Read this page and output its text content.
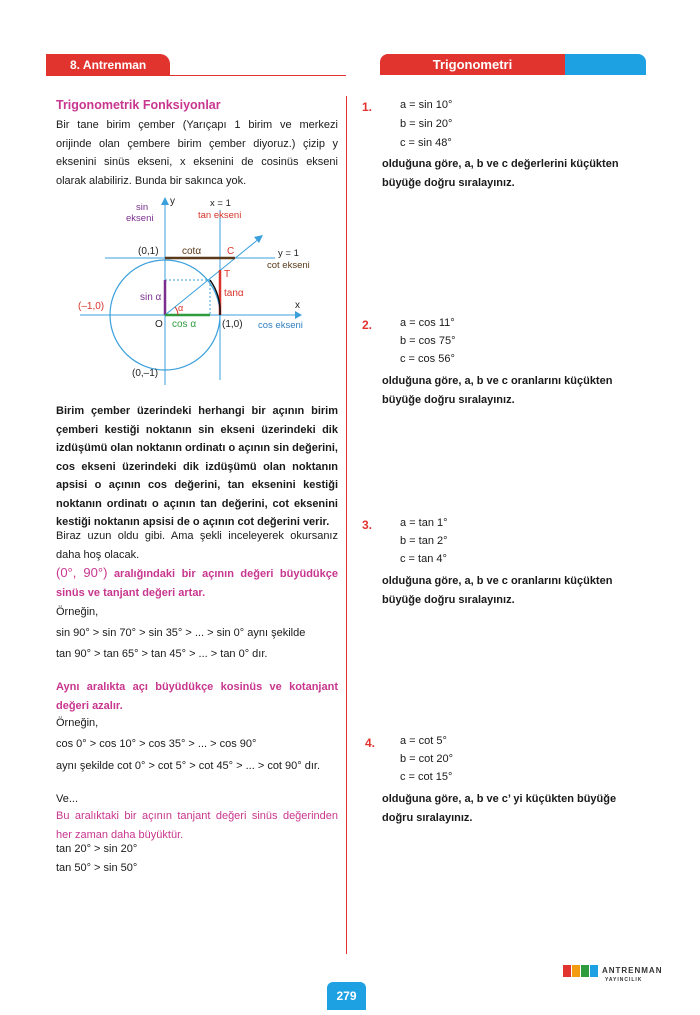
8. Antrenman	Trigonometri
Trigonometrik Fonksiyonlar
Bir tane birim çember (Yarıçapı 1 birim ve merkezi orijinde olan çembere birim çember diyoruz.) çizip y eksenini sinüs ekseni, x eksenini de cosinüs ekseni olarak alabiliriz. Bunda bir sakınca yok.
y
x
sin
ekseni
x = 1
tan ekseni
y = 1
cot ekseni
(0,1) cotα	C
T
tanα
(–1,0)
sin α
α
O cos α	(1,0) cos ekseni
(0,–1)
Birim çember üzerindeki herhangi bir açının birim çemberi kestiği noktanın sin ekseni üzerindeki dik izdüşümü olan noktanın ordinatı o açının sin değerini, cos ekseni üzerindeki dik izdüşümü olan noktanın apsisi o açının cos değerini, tan eksenini kestiği noktanın ordinatı o açının tan değerini, cot eksenini kestiği noktanın apsisi de o açının cot değerini verir.
Biraz uzun oldu gibi. Ama şekli inceleyerek okursanız daha hoş olacak.
(0°, 90°) aralığındaki bir açının değeri büyüdükçe sinüs ve tanjant değeri artar.
Örneğin,
sin 90° > sin 70° > sin 35° > ... > sin 0° aynı şekilde
tan 90° > tan 65° > tan 45° > ... > tan 0° dır.
Aynı aralıkta açı büyüdükçe kosinüs ve kotanjant değeri azalır.
Örneğin,
cos 0° > cos 10° > cos 35° > ... > cos 90°
aynı şekilde cot 0° > cot 5° > cot 45° > ... > cot 90° dır.
Ve...
Bu aralıktaki bir açının tanjant değeri sinüs değerinden her zaman daha büyüktür.
tan 20° > sin 20°
tan 50° > sin 50°
1.	a = sin 10°
b = sin 20°
c = sin 48°
olduğuna göre, a, b ve c değerlerini küçükten büyüğe doğru sıralayınız.
2.	a = cos 11°
b = cos 75°
c = cos 56°
olduğuna göre, a, b ve c oranlarını küçükten büyüğe doğru sıralayınız.
3.	a = tan 1°
b = tan 2°
c = tan 4°
olduğuna göre, a, b ve c oranlarını küçükten büyüğe doğru sıralayınız.
4. a = cot 5°
b = cot 20°
c = cot 15°
olduğuna göre, a, b ve c’ yi küçükten büyüğe doğru sıralayınız.
ANTRENMAN
YAYINCILIK
279
